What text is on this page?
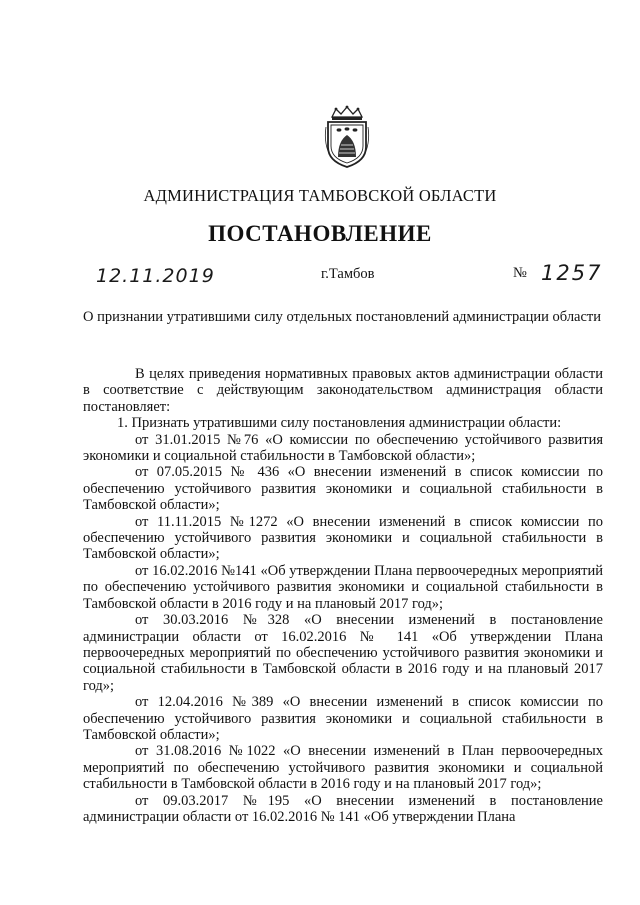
АДМИНИСТРАЦИЯ ТАМБОВСКОЙ ОБЛАСТИ
ПОСТАНОВЛЕНИЕ
12.11.2019	г.Тамбов	№ 1257
О признании утратившими силу отдельных постановлений администрации области

В целях приведения нормативных правовых актов администрации области в соответствие с действующим законодательством администрация области постановляет:

1. Признать утратившими силу постановления администрации области:

от 31.01.2015 №76 «О комиссии по обеспечению устойчивого развития экономики и социальной стабильности в Тамбовской области»;

от 07.05.2015 № 436 «О внесении изменений в список комиссии по обеспечению устойчивого развития экономики и социальной стабильности в Тамбовской области»;

от 11.11.2015 №1272 «О внесении изменений в список комиссии по обеспечению устойчивого развития экономики и социальной стабильности в Тамбовской области»;

от 16.02.2016 №141 «Об утверждении Плана первоочередных мероприятий по обеспечению устойчивого развития экономики и социальной стабильности в Тамбовской области в 2016 году и на плановый 2017 год»;

от 30.03.2016 №328 «О внесении изменений в постановление администрации области от 16.02.2016 № 141 «Об утверждении Плана первоочередных мероприятий по обеспечению устойчивого развития экономики и социальной стабильности в Тамбовской области в 2016 году и на плановый 2017 год»;

от 12.04.2016 №389 «О внесении изменений в список комиссии по обеспечению устойчивого развития экономики и социальной стабильности в Тамбовской области»;

от 31.08.2016 №1022 «О внесении изменений в План первоочередных мероприятий по обеспечению устойчивого развития экономики и социальной стабильности в Тамбовской области в 2016 году и на плановый 2017 год»;

от 09.03.2017 №195 «О внесении изменений в постановление администрации области от 16.02.2016 № 141 «Об утверждении Плана
